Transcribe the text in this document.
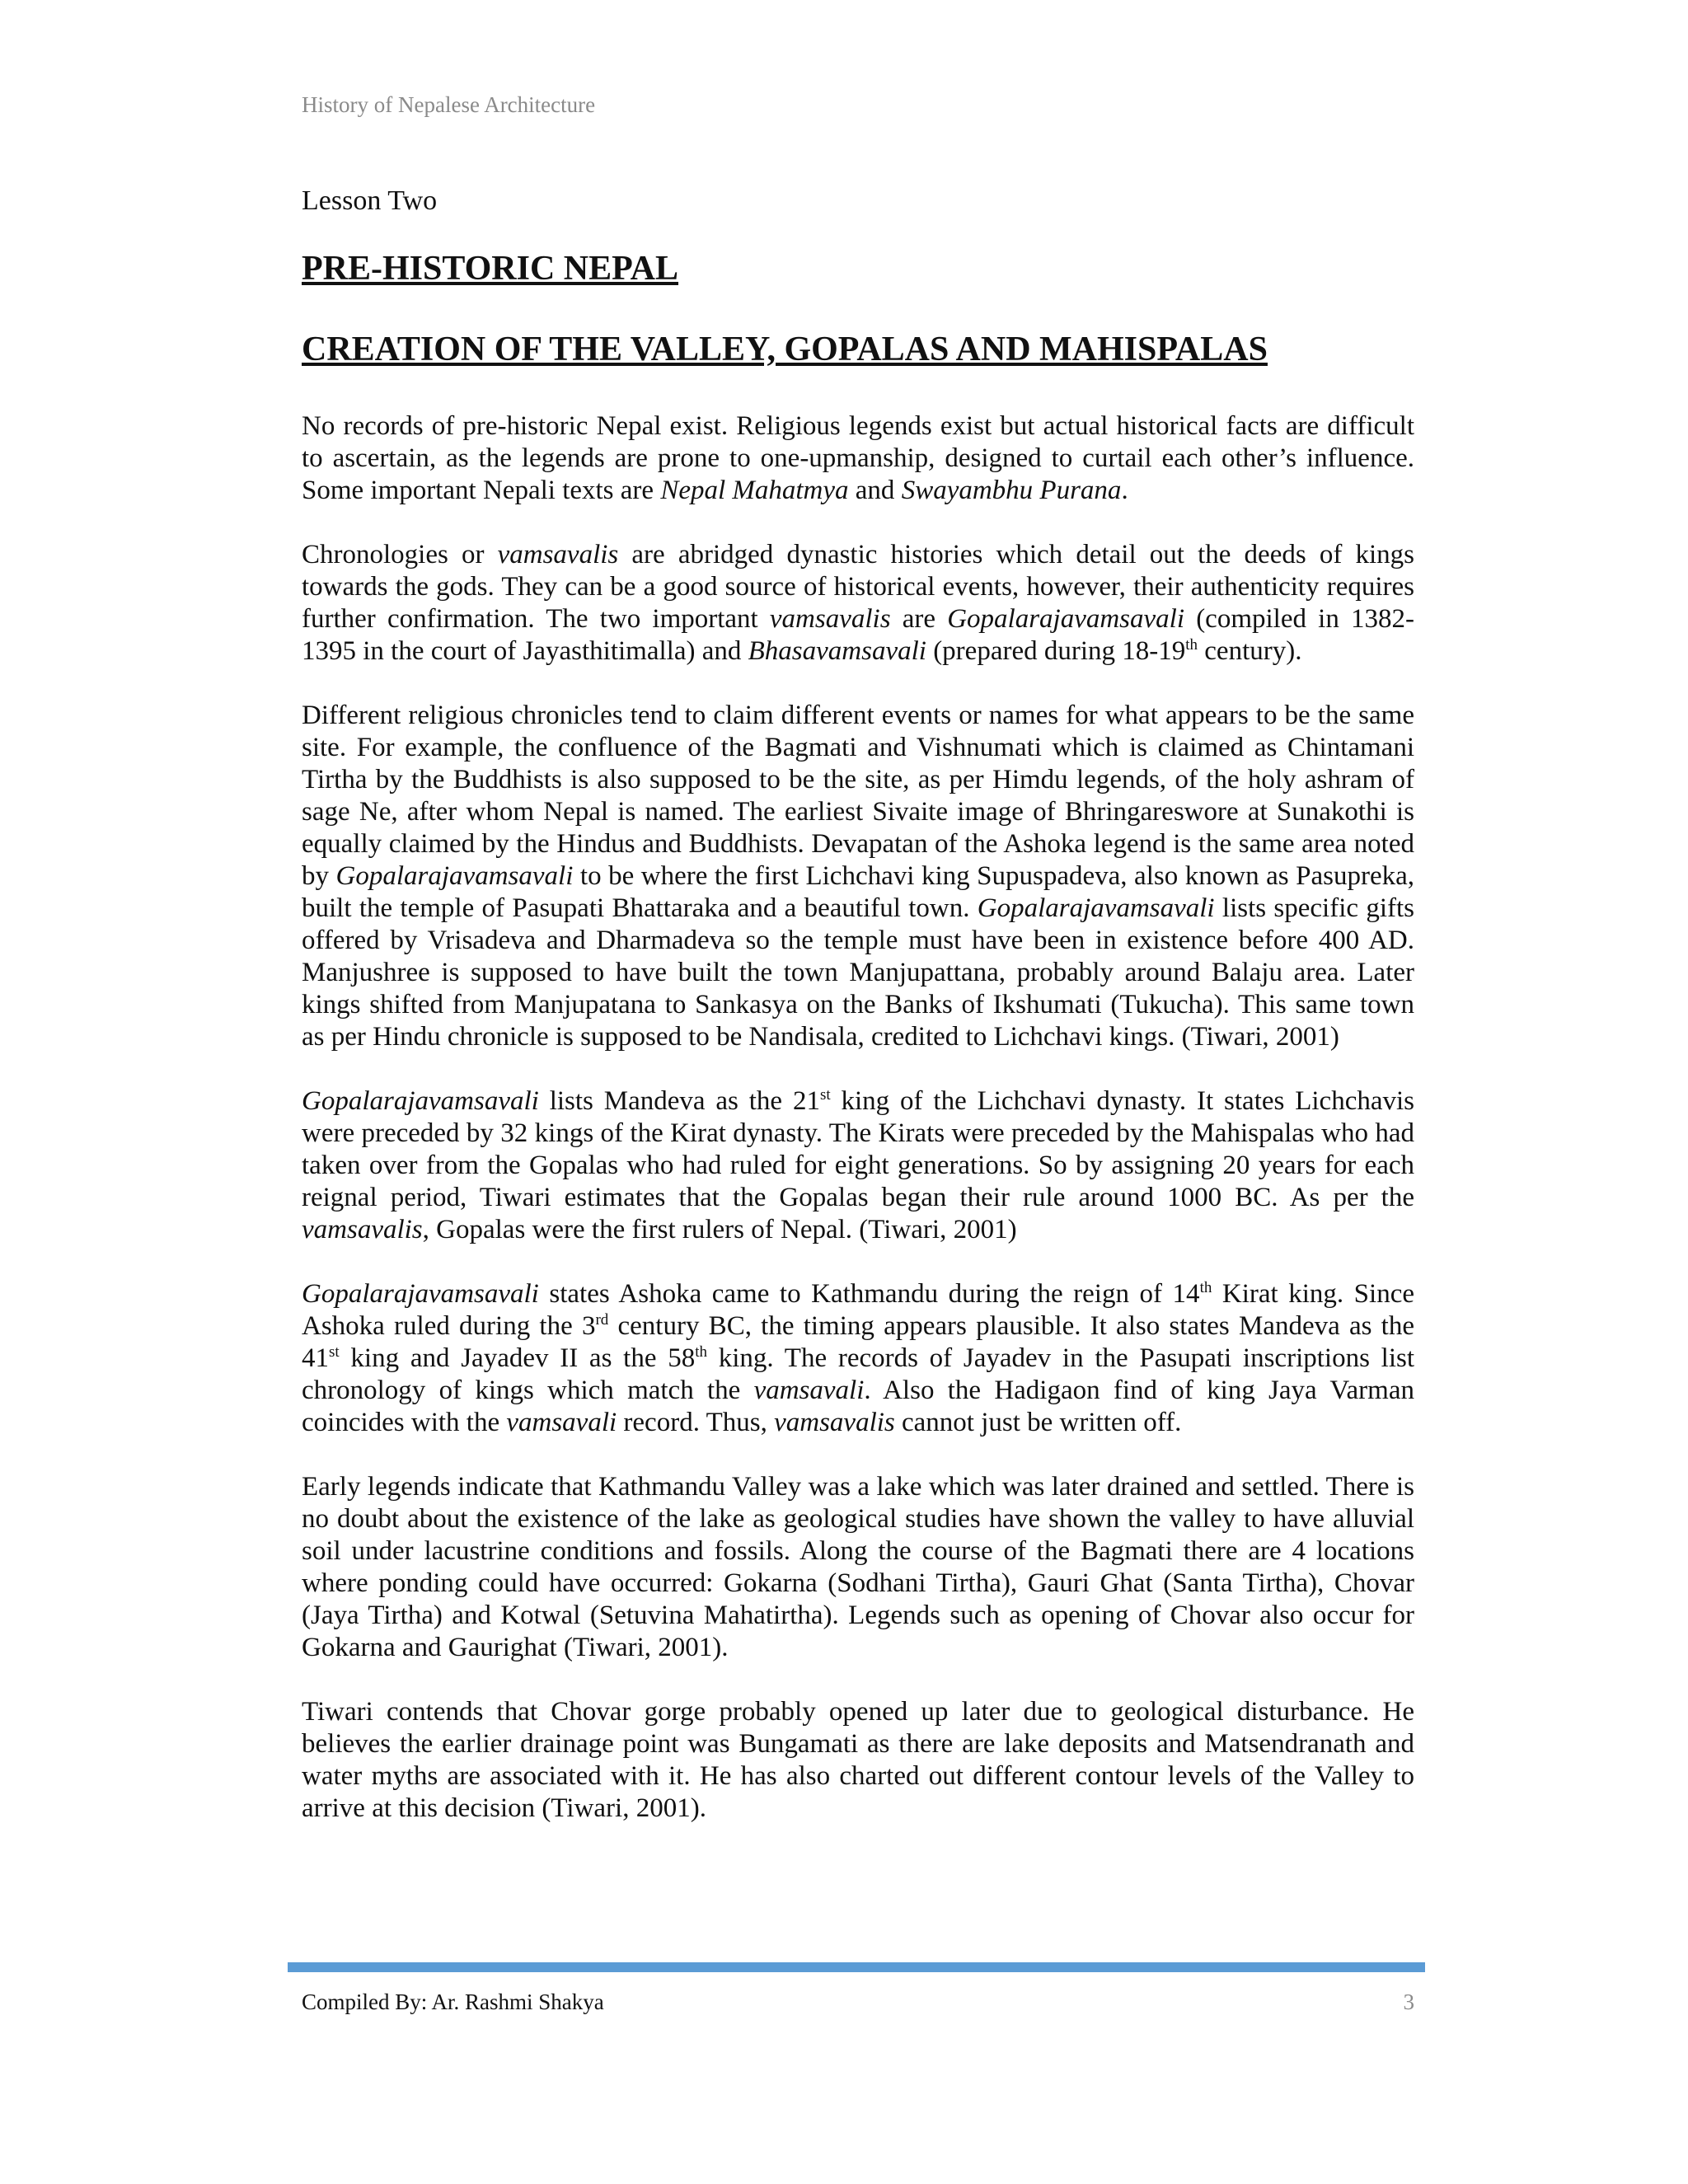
History of Nepalese Architecture
Lesson Two
PRE-HISTORIC NEPAL
CREATION OF THE VALLEY, GOPALAS AND MAHISPALAS

No records of pre-historic Nepal exist. Religious legends exist but actual historical facts are difficult to ascertain, as the legends are prone to one-upmanship, designed to curtail each other’s influence. Some important Nepali texts are Nepal Mahatmya and Swayambhu Purana.

Chronologies or vamsavalis are abridged dynastic histories which detail out the deeds of kings towards the gods. They can be a good source of historical events, however, their authenticity requires further confirmation. The two important vamsavalis are Gopalarajavamsavali (compiled in 1382-1395 in the court of Jayasthitimalla) and Bhasavamsavali (prepared during 18-19th century).

Different religious chronicles tend to claim different events or names for what appears to be the same site. For example, the confluence of the Bagmati and Vishnumati which is claimed as Chintamani Tirtha by the Buddhists is also supposed to be the site, as per Himdu legends, of the holy ashram of sage Ne, after whom Nepal is named. The earliest Sivaite image of Bhringareswore at Sunakothi is equally claimed by the Hindus and Buddhists. Devapatan of the Ashoka legend is the same area noted by Gopalarajavamsavali to be where the first Lichchavi king Supuspadeva, also known as Pasupreka, built the temple of Pasupati Bhattaraka and a beautiful town. Gopalarajavamsavali lists specific gifts offered by Vrisadeva and Dharmadeva so the temple must have been in existence before 400 AD. Manjushree is supposed to have built the town Manjupattana, probably around Balaju area. Later kings shifted from Manjupatana to Sankasya on the Banks of Ikshumati (Tukucha). This same town as per Hindu chronicle is supposed to be Nandisala, credited to Lichchavi kings. (Tiwari, 2001)

Gopalarajavamsavali lists Mandeva as the 21st king of the Lichchavi dynasty. It states Lichchavis were preceded by 32 kings of the Kirat dynasty. The Kirats were preceded by the Mahispalas who had taken over from the Gopalas who had ruled for eight generations. So by assigning 20 years for each reignal period, Tiwari estimates that the Gopalas began their rule around 1000 BC. As per the vamsavalis, Gopalas were the first rulers of Nepal. (Tiwari, 2001)

Gopalarajavamsavali states Ashoka came to Kathmandu during the reign of 14th Kirat king. Since Ashoka ruled during the 3rd century BC, the timing appears plausible. It also states Mandeva as the 41st king and Jayadev II as the 58th king. The records of Jayadev in the Pasupati inscriptions list chronology of kings which match the vamsavali. Also the Hadigaon find of king Jaya Varman coincides with the vamsavali record. Thus, vamsavalis cannot just be written off.

Early legends indicate that Kathmandu Valley was a lake which was later drained and settled. There is no doubt about the existence of the lake as geological studies have shown the valley to have alluvial soil under lacustrine conditions and fossils. Along the course of the Bagmati there are 4 locations where ponding could have occurred: Gokarna (Sodhani Tirtha), Gauri Ghat (Santa Tirtha), Chovar (Jaya Tirtha) and Kotwal (Setuvina Mahatirtha). Legends such as opening of Chovar also occur for Gokarna and Gaurighat (Tiwari, 2001).

Tiwari contends that Chovar gorge probably opened up later due to geological disturbance. He believes the earlier drainage point was Bungamati as there are lake deposits and Matsendranath and water myths are associated with it. He has also charted out different contour levels of the Valley to arrive at this decision (Tiwari, 2001).

Compiled By: Ar. Rashmi Shakya	3
